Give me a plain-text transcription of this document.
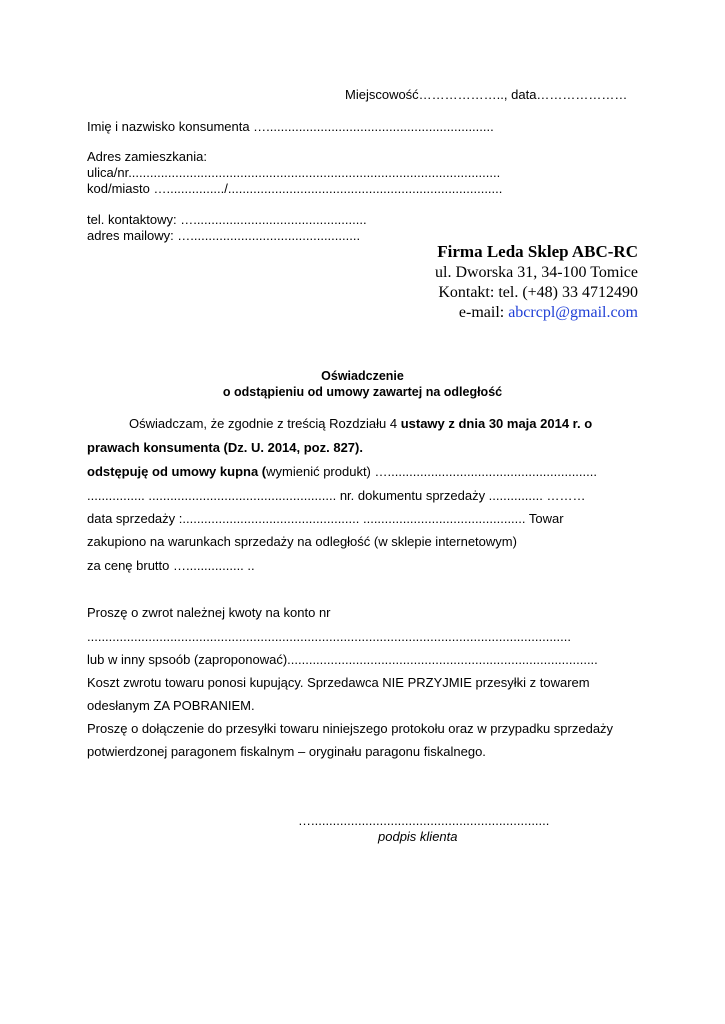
Miejscowość……………….., data…………………
Imię i nazwisko konsumenta …...............................................................
Adres zamieszkania:
ulica/nr.......................................................................................................
kod/miasto …................/............................................................................
tel. kontaktowy: …................................................
adres mailowy: …...............................................
Firma Leda Sklep ABC-RC
ul. Dworska 31, 34-100 Tomice
Kontakt: tel. (+48) 33 4712490
e-mail: abcrcpl@gmail.com
Oświadczenie
o odstąpieniu od umowy zawartej na odległość
Oświadczam, że zgodnie z treścią Rozdziału 4 ustawy z dnia 30 maja 2014 r. o
prawach konsumenta (Dz. U. 2014, poz. 827).
odstępuję od umowy kupna (wymienić produkt) …..........................................................
................ .................................................... nr. dokumentu sprzedaży ............... ………
data sprzedaży :................................................. ............................................. Towar
zakupiono na warunkach sprzedaży na odległość (w sklepie internetowym)
za cenę brutto …................ ..
Proszę o zwrot należnej kwoty na konto nr
......................................................................................................................................
lub w inny spsoób (zaproponować)......................................................................................
Koszt zwrotu towaru ponosi kupujący. Sprzedawca NIE PRZYJMIE przesyłki z towarem
odesłanym ZA POBRANIEM.
Proszę o dołączenie do przesyłki towaru niniejszego protokołu oraz w przypadku sprzedaży
potwierdzonej paragonem fiskalnym – oryginału paragonu fiskalnego.
…..................................................................
podpis klienta
